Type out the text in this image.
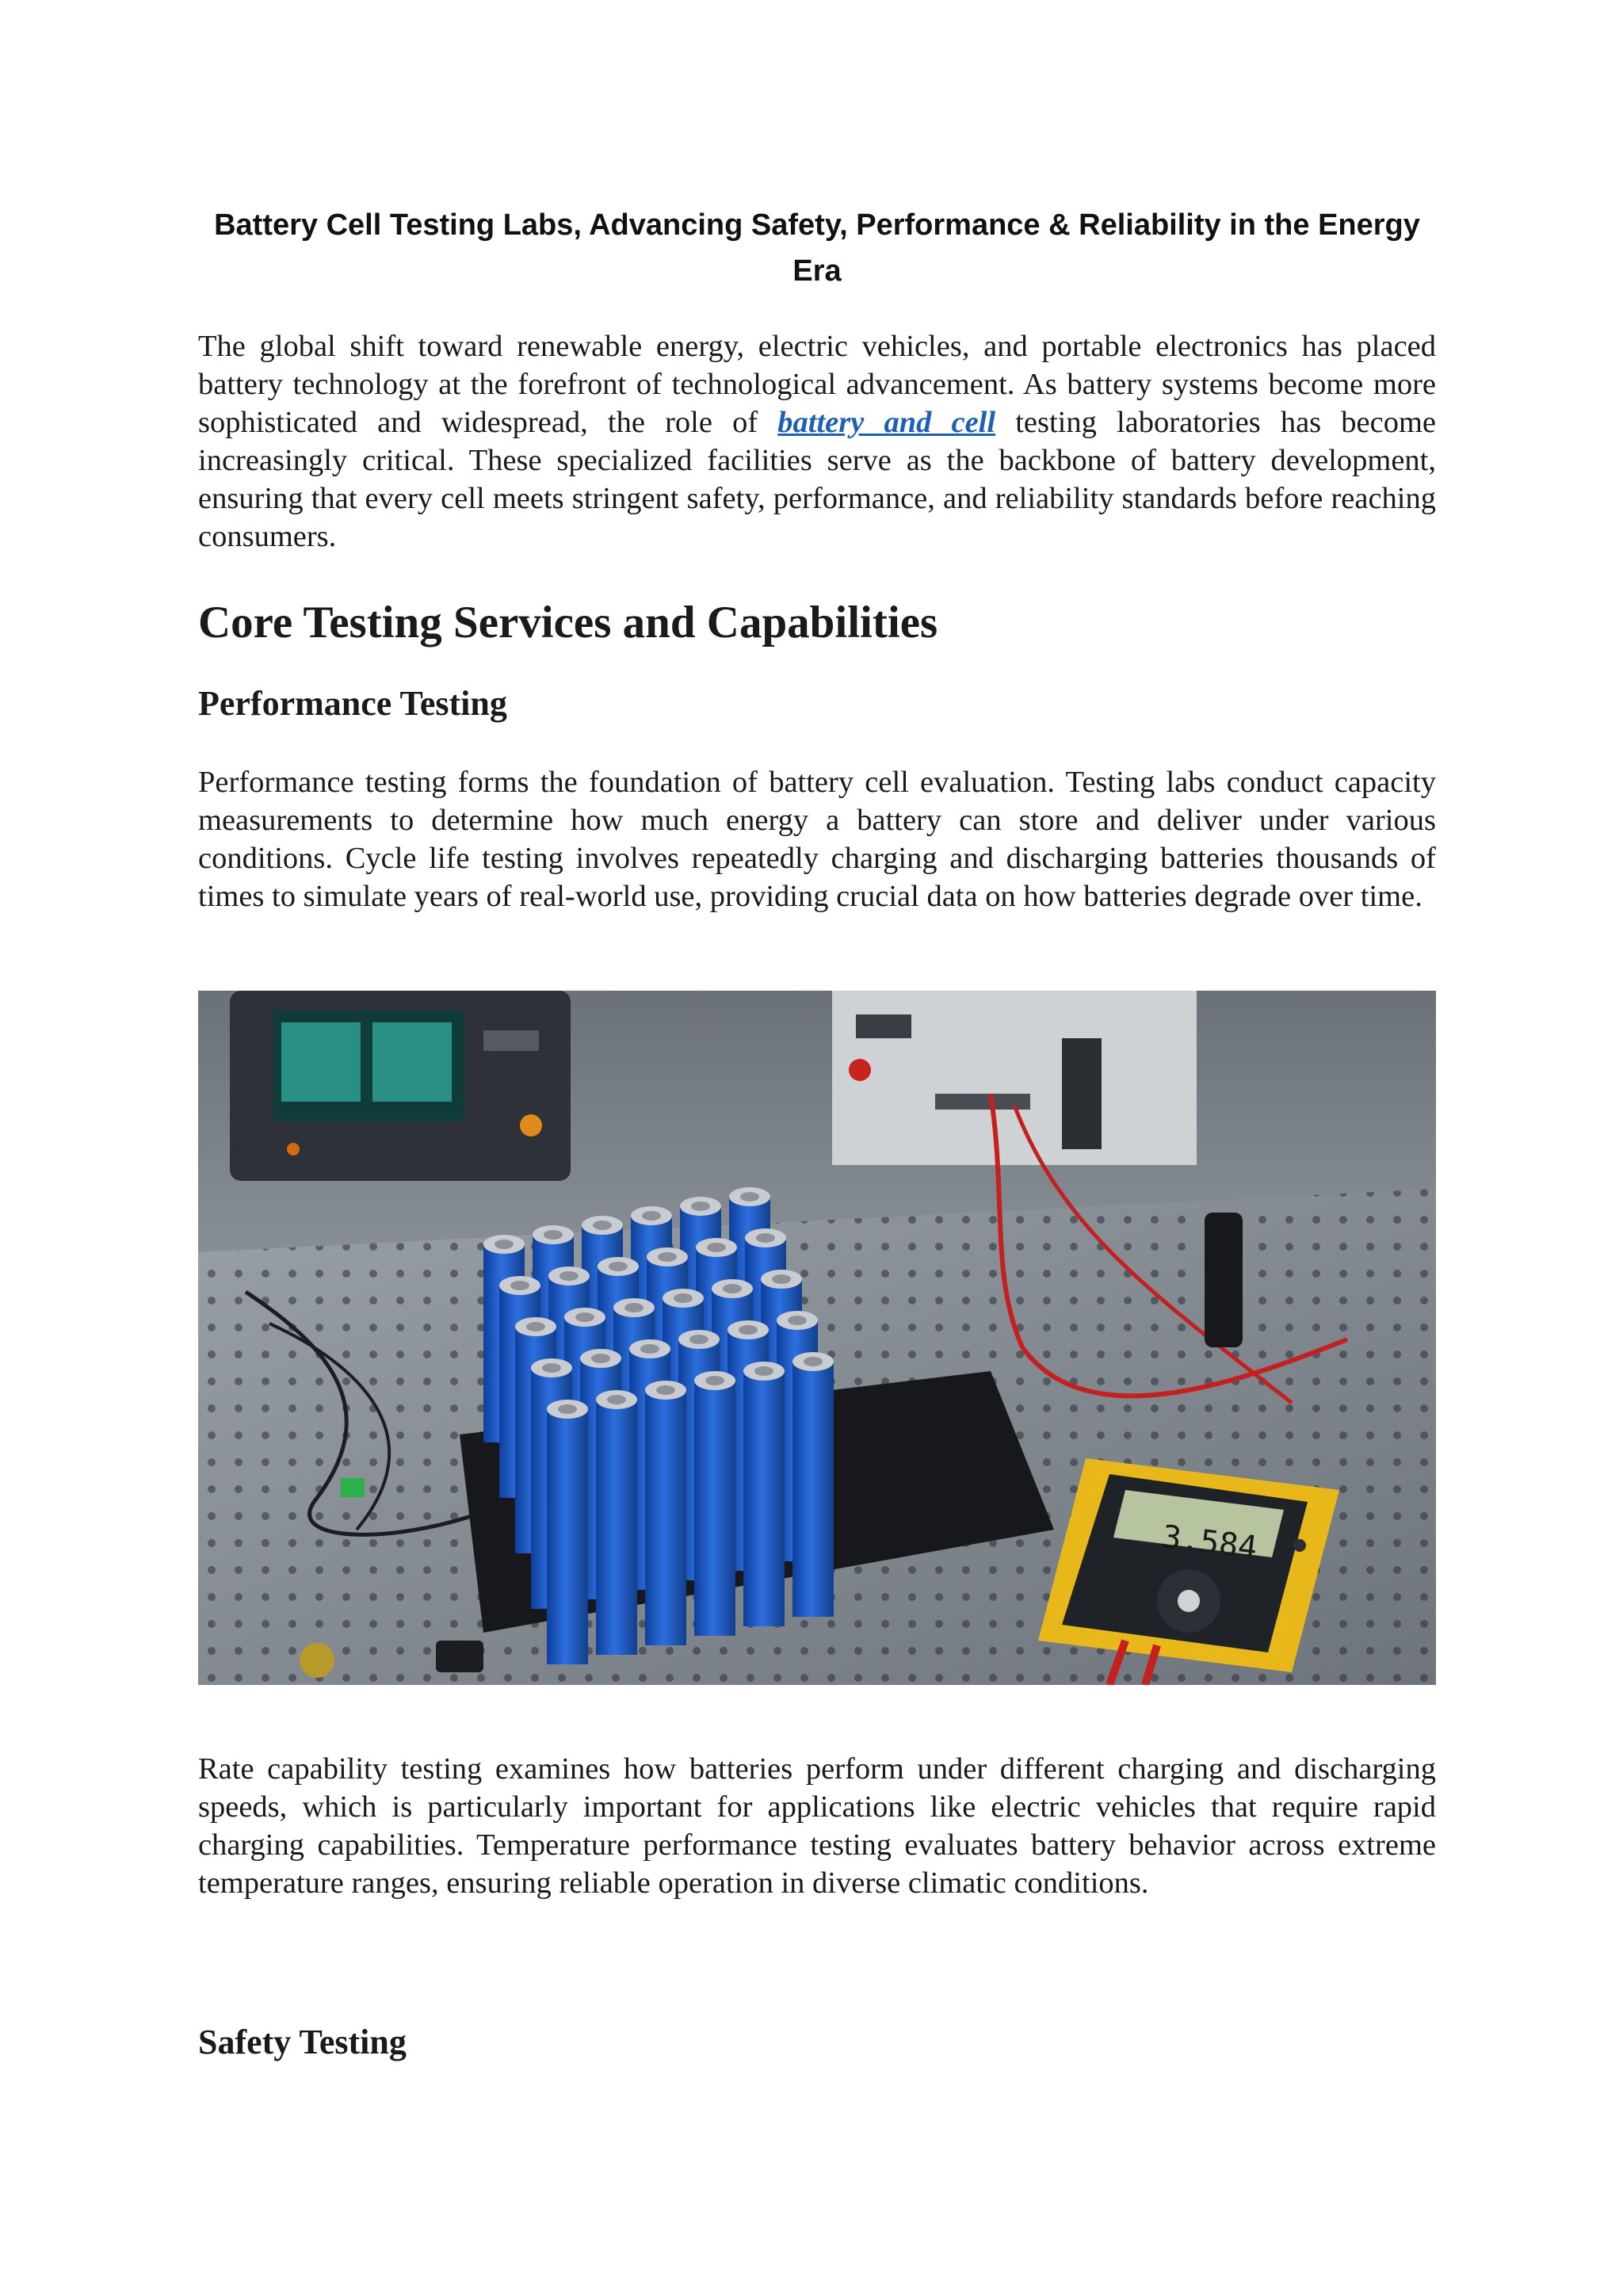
Battery Cell Testing Labs, Advancing Safety, Performance & Reliability in the Energy Era

The global shift toward renewable energy, electric vehicles, and portable electronics has placed battery technology at the forefront of technological advancement. As battery systems become more sophisticated and widespread, the role of battery and cell testing laboratories has become increasingly critical. These specialized facilities serve as the backbone of battery development, ensuring that every cell meets stringent safety, performance, and reliability standards before reaching consumers.

Core Testing Services and Capabilities
Performance Testing

Performance testing forms the foundation of battery cell evaluation. Testing labs conduct capacity measurements to determine how much energy a battery can store and deliver under various conditions. Cycle life testing involves repeatedly charging and discharging batteries thousands of times to simulate years of real-world use, providing crucial data on how batteries degrade over time.

3.584

Rate capability testing examines how batteries perform under different charging and discharging speeds, which is particularly important for applications like electric vehicles that require rapid charging capabilities. Temperature performance testing evaluates battery behavior across extreme temperature ranges, ensuring reliable operation in diverse climatic conditions.

Safety Testing
